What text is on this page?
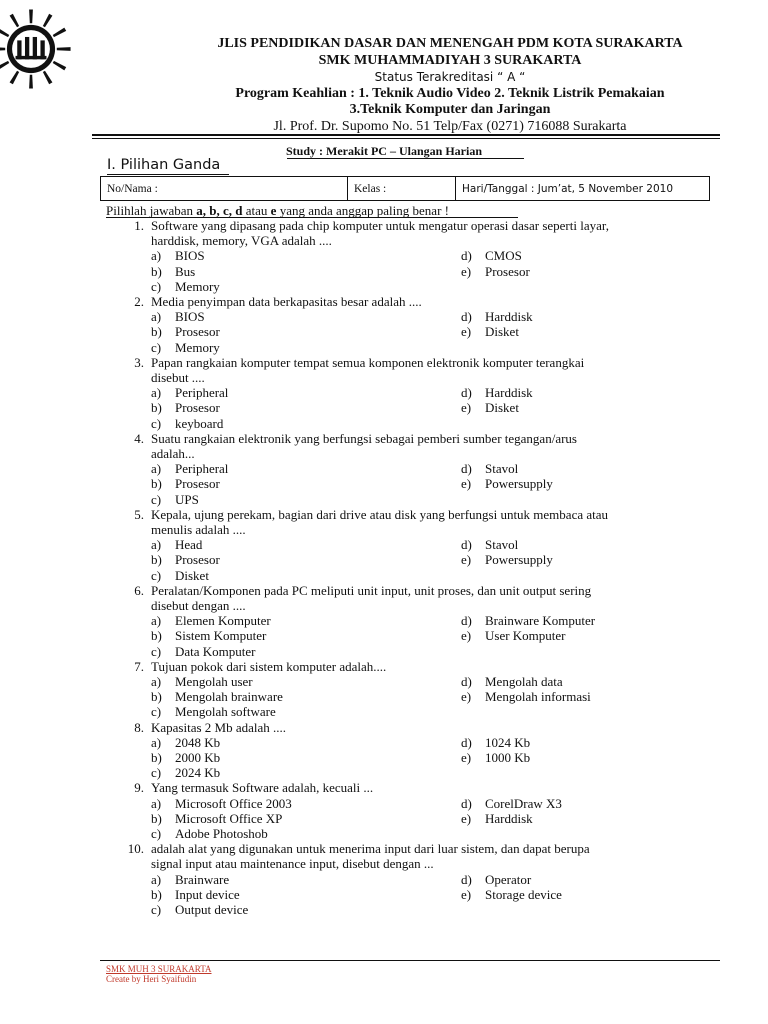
JLIS PENDIDIKAN DASAR DAN MENENGAH PDM KOTA SURAKARTA
SMK MUHAMMADIYAH 3 SURAKARTA
Status Terakreditasi “ A “
Program Keahlian : 1. Teknik Audio Video 2. Teknik Listrik Pemakaian
3.Teknik Komputer dan Jaringan
Jl. Prof. Dr. Supomo No. 51 Telp/Fax (0271) 716088 Surakarta
Study : Merakit PC – Ulangan Harian
I. Pilihan Ganda
No/Nama :	Kelas :	Hari/Tanggal : Jum’at, 5 November 2010
Pilihlah jawaban a, b, c, d atau e yang anda anggap paling benar !
1. Software yang dipasang pada chip komputer untuk mengatur operasi dasar seperti layar,
harddisk, memory, VGA adalah ....
a) BIOS
b) Bus
c) Memory
d) CMOS
e) Prosesor
2. Media penyimpan data berkapasitas besar adalah ....
a) BIOS
b) Prosesor
c) Memory
d) Harddisk
e) Disket
3. Papan rangkaian komputer tempat semua komponen elektronik komputer terangkai
disebut ....
a) Peripheral
b) Prosesor
c) keyboard
d) Harddisk
e) Disket
4. Suatu rangkaian elektronik yang berfungsi sebagai pemberi sumber tegangan/arus
adalah...
a) Peripheral
b) Prosesor
c) UPS
d) Stavol
e) Powersupply
5. Kepala, ujung perekam, bagian dari drive atau disk yang berfungsi untuk membaca atau
menulis adalah ....
a) Head
b) Prosesor
c) Disket
d) Stavol
e) Powersupply
6. Peralatan/Komponen pada PC meliputi unit input, unit proses, dan unit output sering
disebut dengan ....
a) Elemen Komputer
b) Sistem Komputer
c) Data Komputer
d) Brainware Komputer
e) User Komputer
7. Tujuan pokok dari sistem komputer adalah....
a) Mengolah user
b) Mengolah brainware
c) Mengolah software
d) Mengolah data
e) Mengolah informasi
8. Kapasitas 2 Mb adalah ....
a) 2048 Kb
b) 2000 Kb
c) 2024 Kb
d) 1024 Kb
e) 1000 Kb
9. Yang termasuk Software adalah, kecuali ...
a) Microsoft Office 2003
b) Microsoft Office XP
c) Adobe Photoshob
d) CorelDraw X3
e) Harddisk
10. adalah alat yang digunakan untuk menerima input dari luar sistem, dan dapat berupa
signal input atau maintenance input, disebut dengan ...
a) Brainware
b) Input device
c) Output device
d) Operator
e) Storage device
SMK MUH 3 SURAKARTA
Create by Heri Syaifudin
